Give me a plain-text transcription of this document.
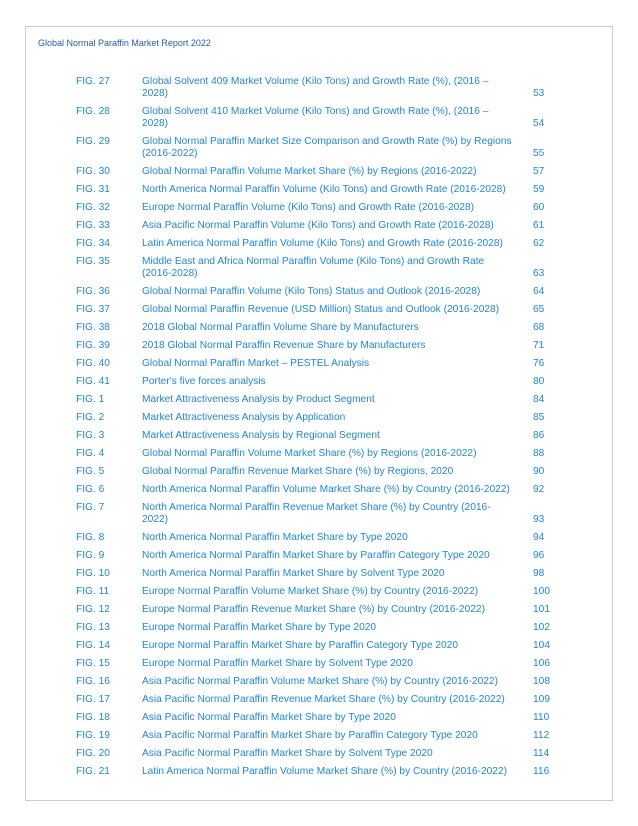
Global Normal Paraffin Market Report 2022
FIG. 27	Global Solvent 409 Market Volume (Kilo Tons) and Growth Rate (%), (2016 – 2028)	53
FIG. 28	Global Solvent 410 Market Volume (Kilo Tons) and Growth Rate (%), (2016 – 2028)	54
FIG. 29	Global Normal Paraffin Market Size Comparison and Growth Rate (%) by Regions (2016-2022)	55
FIG. 30	Global Normal Paraffin Volume Market Share (%) by Regions (2016-2022)	57
FIG. 31	North America Normal Paraffin Volume (Kilo Tons) and Growth Rate (2016-2028)	59
FIG. 32	Europe Normal Paraffin Volume (Kilo Tons) and Growth Rate (2016-2028)	60
FIG. 33	Asia Pacific Normal Paraffin Volume (Kilo Tons) and Growth Rate (2016-2028)	61
FIG. 34	Latin America Normal Paraffin Volume (Kilo Tons) and Growth Rate (2016-2028)	62
FIG. 35	Middle East and Africa Normal Paraffin Volume (Kilo Tons) and Growth Rate (2016-2028)	63
FIG. 36	Global Normal Paraffin Volume (Kilo Tons) Status and Outlook (2016-2028)	64
FIG. 37	Global Normal Paraffin Revenue (USD Million) Status and Outlook (2016-2028)	65
FIG. 38	2018 Global Normal Paraffin Volume Share by Manufacturers	68
FIG. 39	2018 Global Normal Paraffin Revenue Share by Manufacturers	71
FIG. 40	Global Normal Paraffin Market – PESTEL Analysis	76
FIG. 41	Porter's five forces analysis	80
FIG. 1	Market Attractiveness Analysis by Product Segment	84
FIG. 2	Market Attractiveness Analysis by Application	85
FIG. 3	Market Attractiveness Analysis by Regional Segment	86
FIG. 4	Global Normal Paraffin Volume Market Share (%) by Regions (2016-2022)	88
FIG. 5	Global Normal Paraffin Revenue Market Share (%) by Regions, 2020	90
FIG. 6	North America Normal Paraffin Volume Market Share (%) by Country (2016-2022)	92
FIG. 7	North America Normal Paraffin Revenue Market Share (%) by Country (2016-2022)	93
FIG. 8	North America Normal Paraffin Market Share by Type 2020	94
FIG. 9	North America Normal Paraffin Market Share by Paraffin Category Type 2020	96
FIG. 10	North America Normal Paraffin Market Share by Solvent Type 2020	98
FIG. 11	Europe Normal Paraffin Volume Market Share (%) by Country (2016-2022)	100
FIG. 12	Europe Normal Paraffin Revenue Market Share (%) by Country (2016-2022)	101
FIG. 13	Europe Normal Paraffin Market Share by Type 2020	102
FIG. 14	Europe Normal Paraffin Market Share by Paraffin Category Type 2020	104
FIG. 15	Europe Normal Paraffin Market Share by Solvent Type 2020	106
FIG. 16	Asia Pacific Normal Paraffin Volume Market Share (%) by Country (2016-2022)	108
FIG. 17	Asia Pacific Normal Paraffin Revenue Market Share (%) by Country (2016-2022)	109
FIG. 18	Asia Pacific Normal Paraffin Market Share by Type 2020	110
FIG. 19	Asia Pacific Normal Paraffin Market Share by Paraffin Category Type 2020	112
FIG. 20	Asia Pacific Normal Paraffin Market Share by Solvent Type 2020	114
FIG. 21	Latin America Normal Paraffin Volume Market Share (%) by Country (2016-2022)	116
